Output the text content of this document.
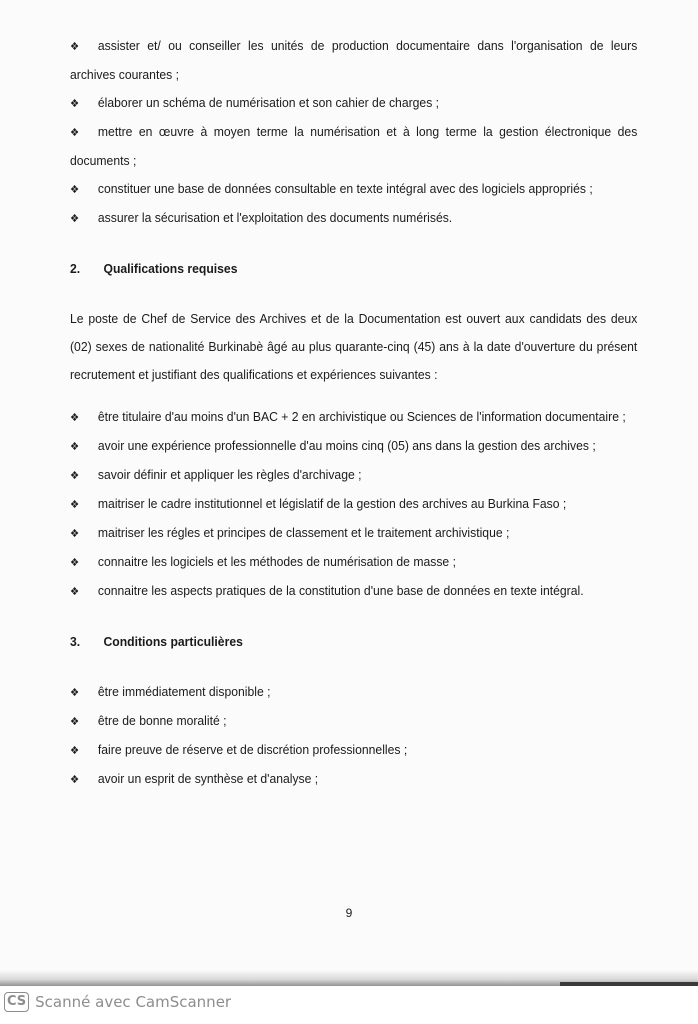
❖ assister et/ ou conseiller les unités de production documentaire dans l'organisation de leurs archives courantes ;
❖ élaborer un schéma de numérisation et son cahier de charges ;
❖ mettre en œuvre à moyen terme la numérisation et à long terme la gestion électronique des documents ;
❖ constituer une base de données consultable en texte intégral avec des logiciels appropriés ;
❖ assurer la sécurisation et l'exploitation des documents numérisés.
2. Qualifications requises
Le poste de Chef de Service des Archives et de la Documentation est ouvert aux candidats des deux (02) sexes de nationalité Burkinabè âgé au plus quarante-cinq (45) ans à la date d'ouverture du présent recrutement et justifiant des qualifications et expériences suivantes :
❖ être titulaire d'au moins d'un BAC + 2 en archivistique ou Sciences de l'information documentaire ;
❖ avoir une expérience professionnelle d'au moins cinq (05) ans dans la gestion des archives ;
❖ savoir définir et appliquer les règles d'archivage ;
❖ maitriser le cadre institutionnel et législatif de la gestion des archives au Burkina Faso ;
❖ maitriser les régles et principes de classement et le traitement archivistique ;
❖ connaitre les logiciels et les méthodes de numérisation de masse ;
❖ connaitre les aspects pratiques de la constitution d'une base de données en texte intégral.
3. Conditions particulières
❖ être immédiatement disponible ;
❖ être de bonne moralité ;
❖ faire preuve de réserve et de discrétion professionnelles ;
❖ avoir un esprit de synthèse et d'analyse ;
9
CS Scanné avec CamScanner
